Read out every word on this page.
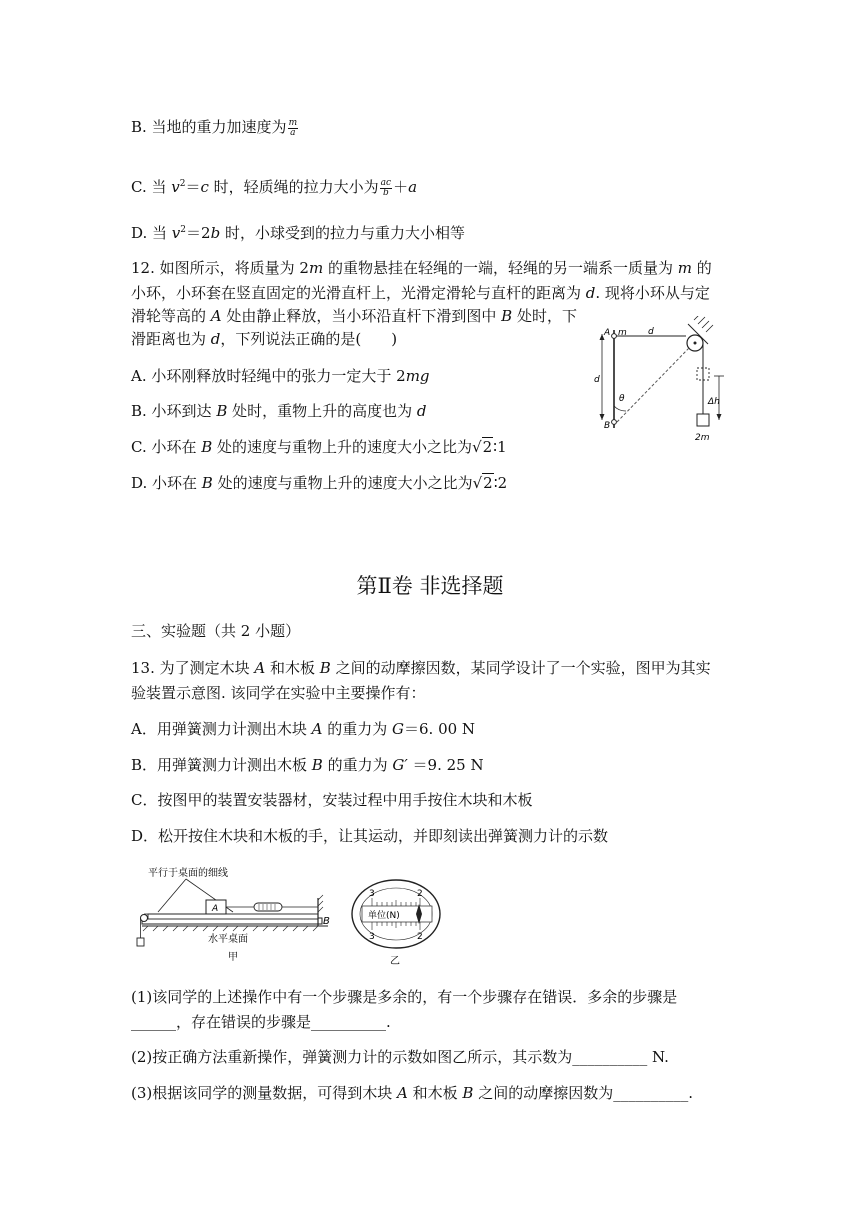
B. 当地的重力加速度为 $\frac{m}{a}$
C. 当 $v^2=c$ 时，轻质绳的拉力大小为 $\frac{ac}{b} +a$
D. 当 $v^2=2b$ 时，小球受到的拉力与重力大小相等
12. 如图所示，将质量为 2m 的重物悬挂在轻绳的一端，轻绳的另一端系一质量为 m 的
小环，小环套在竖直固定的光滑直杆上，光滑定滑轮与直杆的距离为 d. 现将小环从与定
滑轮等高的 A 处由静止释放，当小环沿直杆下滑到图中 B 处时，下
滑距离也为 d，下列说法正确的是(　　)
A. 小环刚释放时轻绳中的张力一定大于 2mg
B. 小环到达 B 处时，重物上升的高度也为 d
C. 小环在 B 处的速度与重物上升的速度大小之比为√2∶1
D. 小环在 B 处的速度与重物上升的速度大小之比为√2∶2
d
Δh
θ
A m d
B
2m
第Ⅱ卷 非选择题
三、实验题（共 2 小题）
13. 为了测定木块 A 和木板 B 之间的动摩擦因数，某同学设计了一个实验，图甲为其实
验装置示意图. 该同学在实验中主要操作有：
A．用弹簧测力计测出木块 A 的重力为 G＝6. 00 N
B．用弹簧测力计测出木板 B 的重力为 G′ ＝9. 25 N
C．按图甲的装置安装器材，安装过程中用手按住木块和木板
D．松开按住木块和木板的手，让其运动，并即刻读出弹簧测力计的示数
平行于桌面的细线
A
B
水平桌面
甲
单位(N)
3	2
3	2
乙
(1)该同学的上述操作中有一个步骤是多余的，有一个步骤存在错误．多余的步骤是
______，存在错误的步骤是__________.
(2)按正确方法重新操作，弹簧测力计的示数如图乙所示，其示数为__________ N.
(3)根据该同学的测量数据，可得到木块 A 和木板 B 之间的动摩擦因数为__________.
